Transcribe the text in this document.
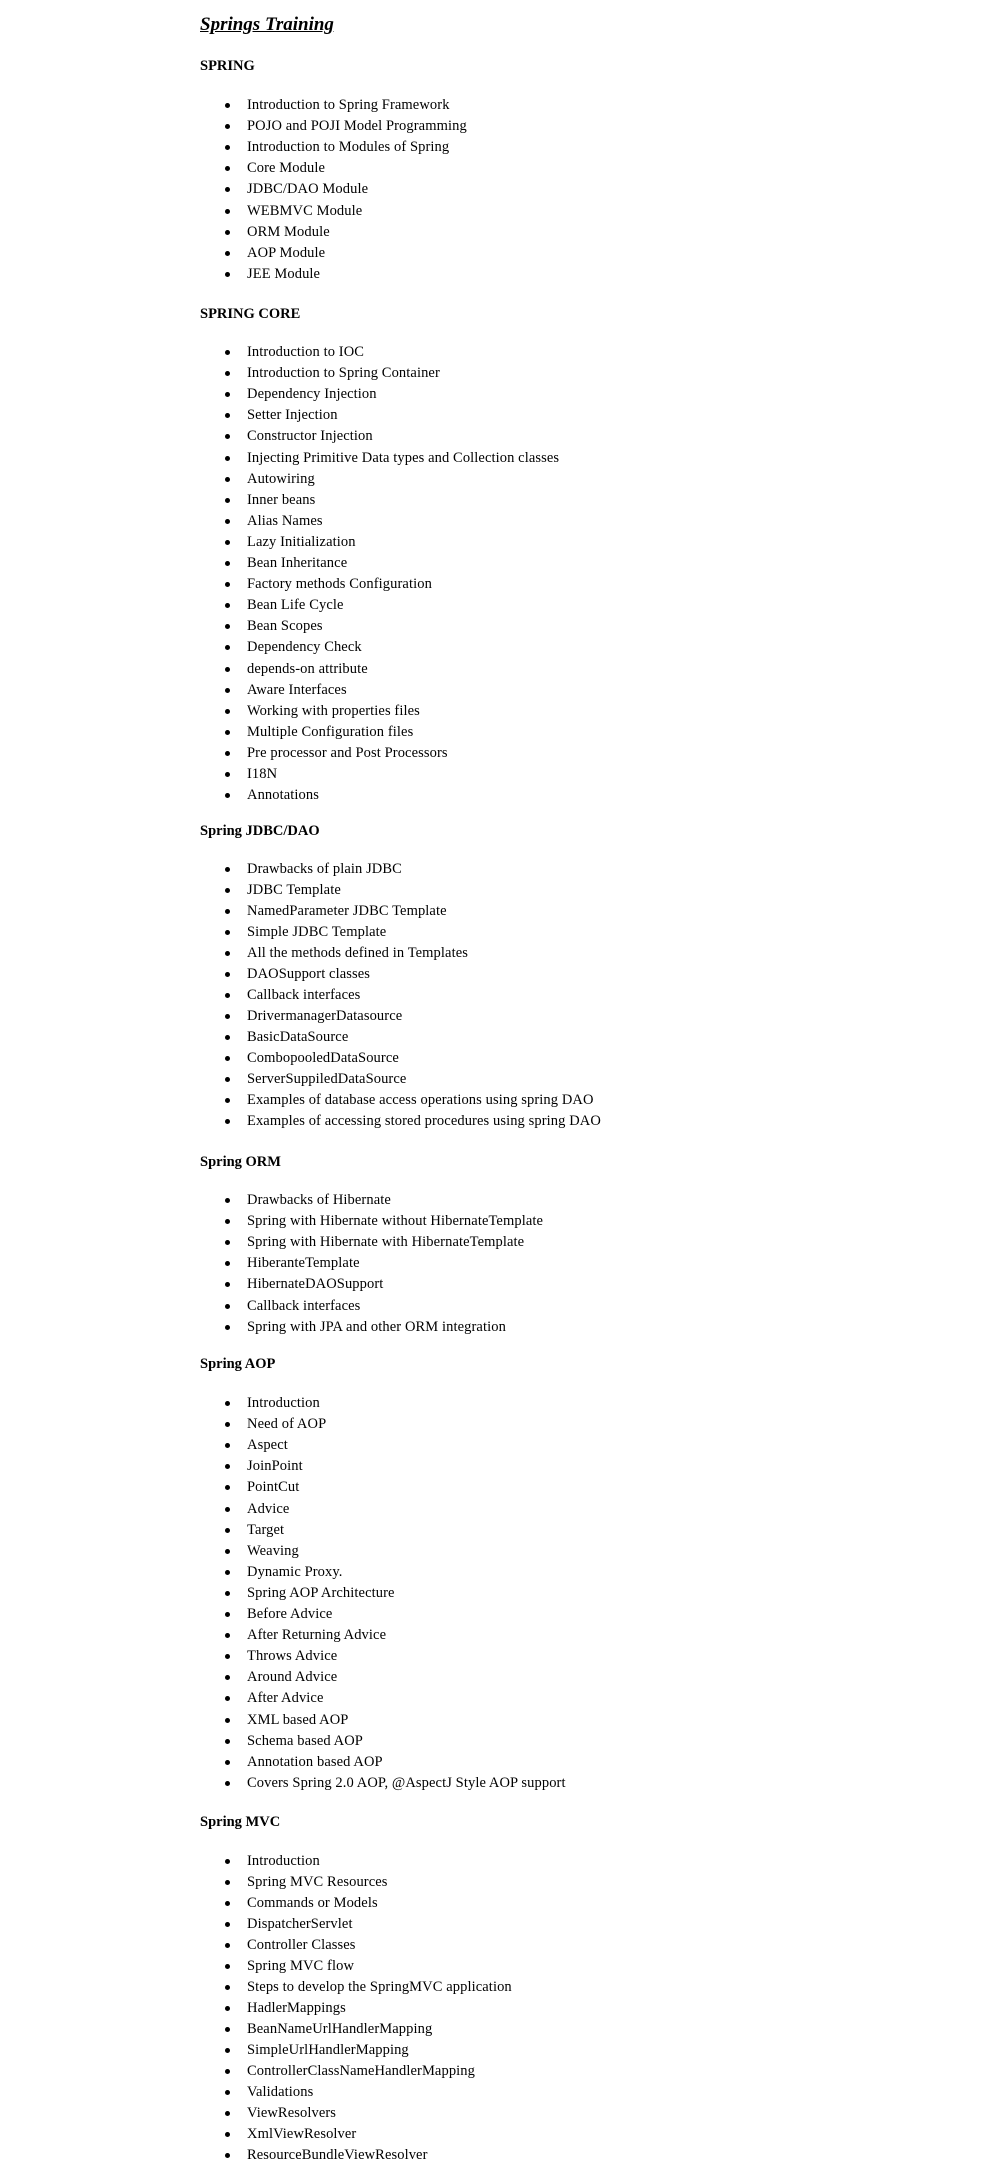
Springs Training
SPRING
Introduction to Spring Framework
POJO and POJI Model Programming
Introduction to Modules of Spring
Core Module
JDBC/DAO Module
WEBMVC Module
ORM Module
AOP Module
JEE Module
SPRING CORE
Introduction to IOC
Introduction to Spring Container
Dependency Injection
Setter Injection
Constructor Injection
Injecting Primitive Data types and Collection classes
Autowiring
Inner beans
Alias Names
Lazy Initialization
Bean Inheritance
Factory methods Configuration
Bean Life Cycle
Bean Scopes
Dependency Check
depends-on attribute
Aware Interfaces
Working with properties files
Multiple Configuration files
Pre processor and Post Processors
I18N
Annotations
Spring JDBC/DAO
Drawbacks of plain JDBC
JDBC Template
NamedParameter JDBC Template
Simple JDBC Template
All the methods defined in Templates
DAOSupport classes
Callback interfaces
DrivermanagerDatasource
BasicDataSource
CombopooledDataSource
ServerSuppiledDataSource
Examples of database access operations using spring DAO
Examples of accessing stored procedures using spring DAO
Spring ORM
Drawbacks of Hibernate
Spring with Hibernate without HibernateTemplate
Spring with Hibernate with HibernateTemplate
HiberanteTemplate
HibernateDAOSupport
Callback interfaces
Spring with JPA and other ORM integration
Spring AOP
Introduction
Need of AOP
Aspect
JoinPoint
PointCut
Advice
Target
Weaving
Dynamic Proxy.
Spring AOP Architecture
Before Advice
After Returning Advice
Throws Advice
Around Advice
After Advice
XML based AOP
Schema based AOP
Annotation based AOP
Covers Spring 2.0 AOP, @AspectJ Style AOP support
Spring MVC
Introduction
Spring MVC Resources
Commands or Models
DispatcherServlet
Controller Classes
Spring MVC flow
Steps to develop the SpringMVC application
HadlerMappings
BeanNameUrlHandlerMapping
SimpleUrlHandlerMapping
ControllerClassNameHandlerMapping
Validations
ViewResolvers
XmlViewResolver
ResourceBundleViewResolver
